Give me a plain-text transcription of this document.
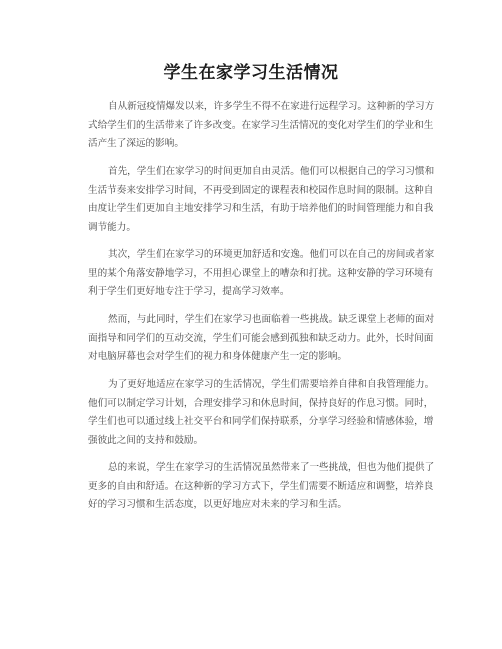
学生在家学习生活情况
自从新冠疫情爆发以来，许多学生不得不在家进行远程学习。这种新的学习方
式给学生们的生活带来了许多改变。在家学习生活情况的变化对学生们的学业和生
活产生了深远的影响。
首先，学生们在家学习的时间更加自由灵活。他们可以根据自己的学习习惯和
生活节奏来安排学习时间，不再受到固定的课程表和校园作息时间的限制。这种自
由度让学生们更加自主地安排学习和生活，有助于培养他们的时间管理能力和自我
调节能力。
其次，学生们在家学习的环境更加舒适和安逸。他们可以在自己的房间或者家
里的某个角落安静地学习，不用担心课堂上的嘈杂和打扰。这种安静的学习环境有
利于学生们更好地专注于学习，提高学习效率。
然而，与此同时，学生们在家学习也面临着一些挑战。缺乏课堂上老师的面对
面指导和同学们的互动交流，学生们可能会感到孤独和缺乏动力。此外，长时间面
对电脑屏幕也会对学生们的视力和身体健康产生一定的影响。
为了更好地适应在家学习的生活情况，学生们需要培养自律和自我管理能力。
他们可以制定学习计划，合理安排学习和休息时间，保持良好的作息习惯。同时，
学生们也可以通过线上社交平台和同学们保持联系，分享学习经验和情感体验，增
强彼此之间的支持和鼓励。
总的来说，学生在家学习的生活情况虽然带来了一些挑战，但也为他们提供了
更多的自由和舒适。在这种新的学习方式下，学生们需要不断适应和调整，培养良
好的学习习惯和生活态度，以更好地应对未来的学习和生活。
